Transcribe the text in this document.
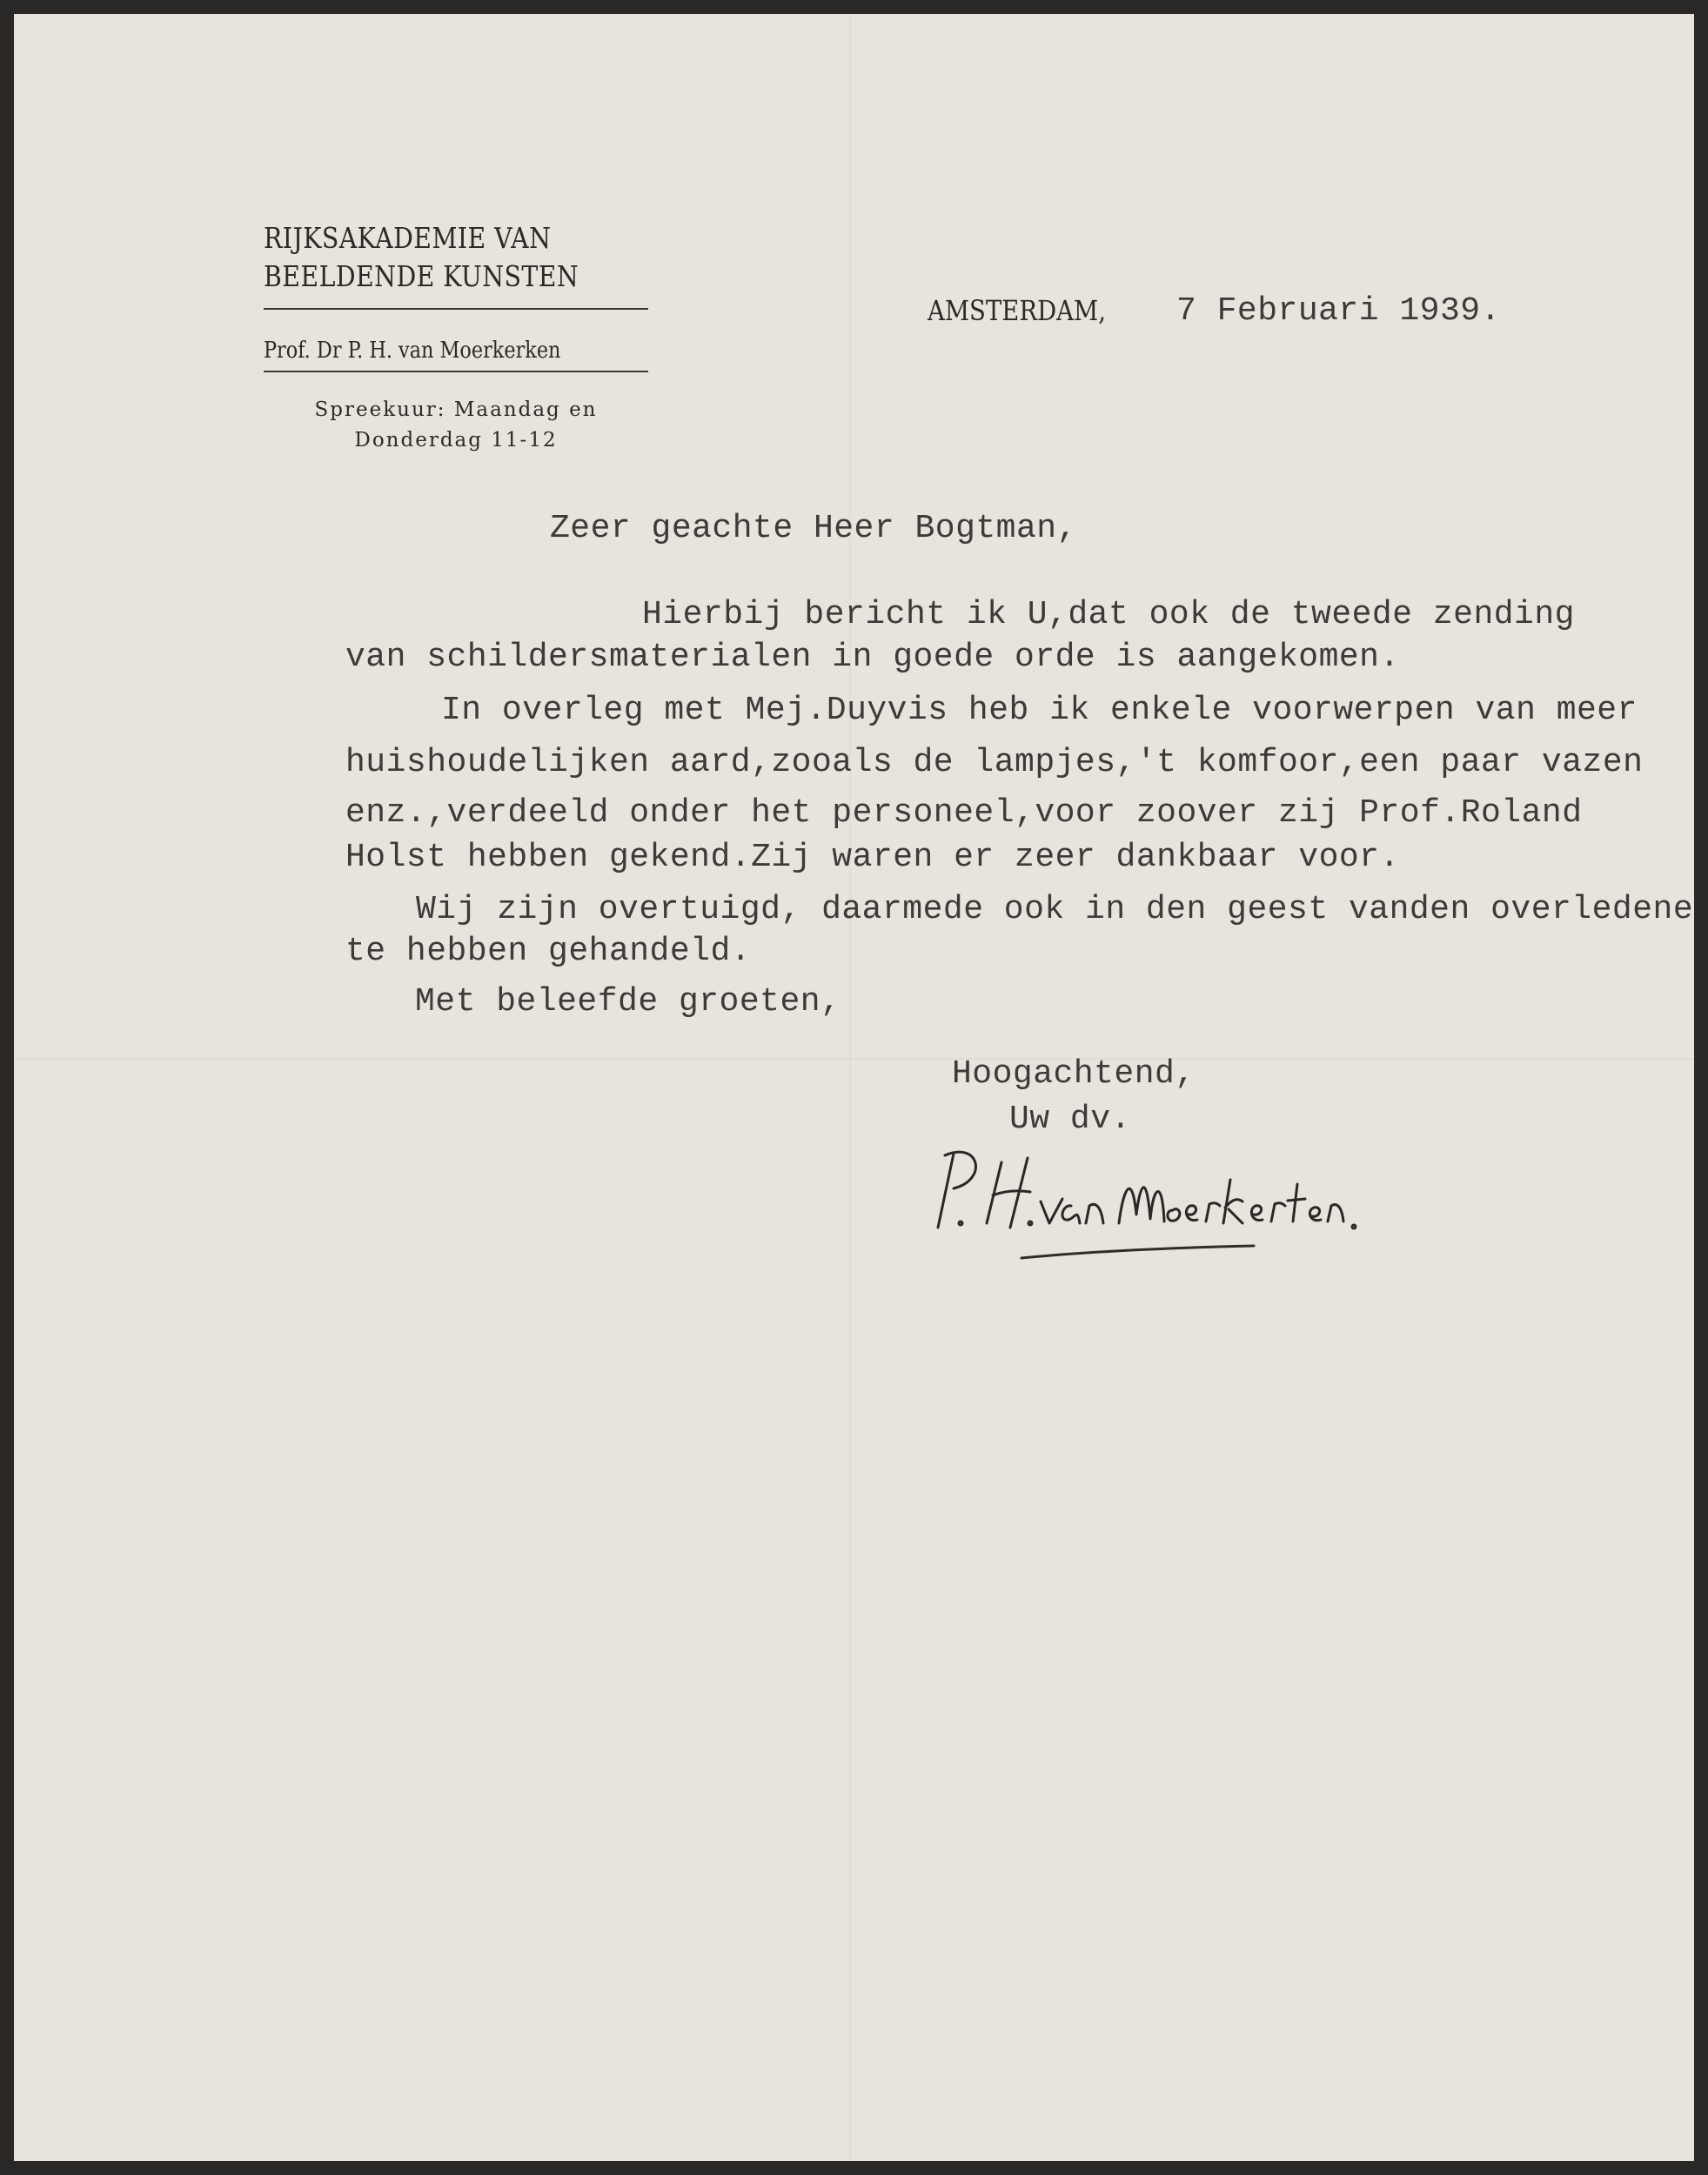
RIJKSAKADEMIE VAN
BEELDENDE KUNSTEN
Prof. Dr P. H. van Moerkerken
Spreekuur: Maandag en
Donderdag 11-12
AMSTERDAM, 7 Februari 1939.
Zeer geachte Heer Bogtman,
Hierbij bericht ik U,dat ook de tweede zending
van schildersmaterialen in goede orde is aangekomen.
In overleg met Mej.Duyvis heb ik enkele voorwerpen van meer
huishoudelijken aard,zooals de lampjes,'t komfoor,een paar vazen
enz.,verdeeld onder het personeel,voor zoover zij Prof.Roland
Holst hebben gekend.Zij waren er zeer dankbaar voor.
Wij zijn overtuigd, daarmede ook in den geest vanden overledene
te hebben gehandeld.
Met beleefde groeten,
Hoogachtend,
Uw dv.
